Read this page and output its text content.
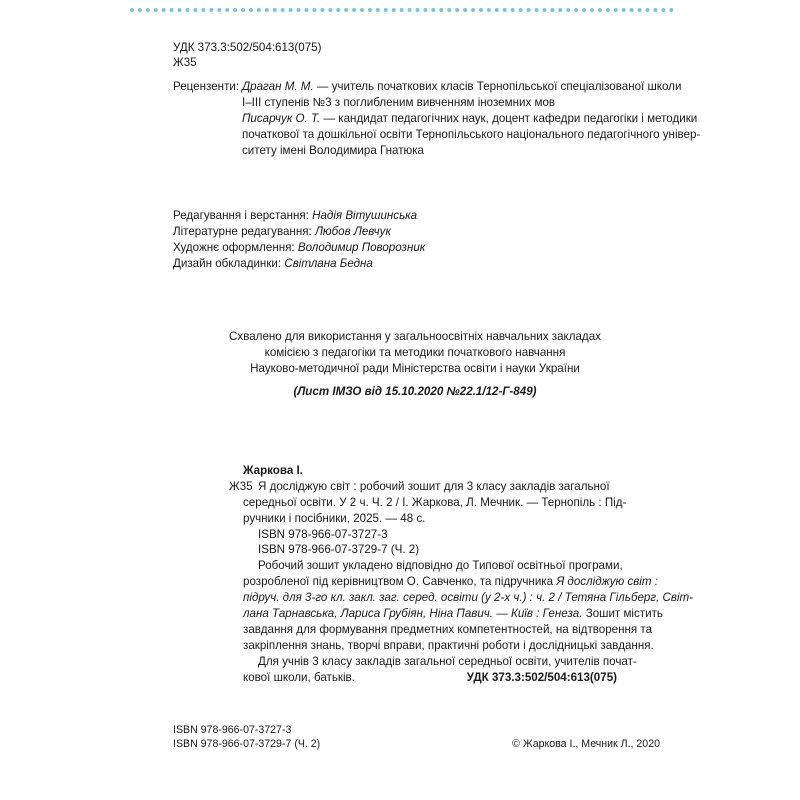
УДК 373.3:502/504:613(075)
Ж35
Рецензенти: Драган М. М. — учитель початкових класів Тернопільської спеціалізованої школи
І–ІІІ ступенів №3 з поглибленим вивченням іноземних мов
Писарчук О. Т. — кандидат педагогічних наук, доцент кафедри педагогіки і методики
початкової та дошкільної освіти Тернопільського національного педагогічного універ-
ситету імені Володимира Гнатюка
Редагування і верстання: Надія Вітушинська
Літературне редагування: Любов Левчук
Художнє оформлення: Володимир Поворозник
Дизайн обкладинки: Світлана Бедна
Схвалено для використання у загальноосвітніх навчальних закладах
комісією з педагогіки та методики початкового навчання
Науково-методичної ради Міністерства освіти і науки України
(Лист ІМЗО від 15.10.2020 №22.1/12-Г-849)
Жаркова І.
Ж35 Я досліджую світ : робочий зошит для 3 класу закладів загальної
середньої освіти. У 2 ч. Ч. 2 / І. Жаркова, Л. Мечник. — Тернопіль : Під-
ручники і посібники, 2025. — 48 с.
ISBN 978-966-07-3727-3
ISBN 978-966-07-3729-7 (Ч. 2)
Робочий зошит укладено відповідно до Типової освітньої програми,
розробленої під керівництвом О. Савченко, та підручника Я досліджую світ :
підруч. для 3-го кл. закл. заг. серед. освіти (у 2-х ч.) : ч. 2 / Тетяна Гільберг, Світ-
лана Тарнавська, Лариса Грубіян, Ніна Павич. — Київ : Генеза. Зошит містить
завдання для формування предметних компетентностей, на відтворення та
закріплення знань, творчі вправи, практичні роботи і дослідницькі завдання.
Для учнів 3 класу закладів загальної середньої освіти, учителів почат-
кової школи, батьків.	УДК 373.3:502/504:613(075)
ISBN 978-966-07-3727-3
ISBN 978-966-07-3729-7 (Ч. 2)	© Жаркова І., Мечник Л., 2020
